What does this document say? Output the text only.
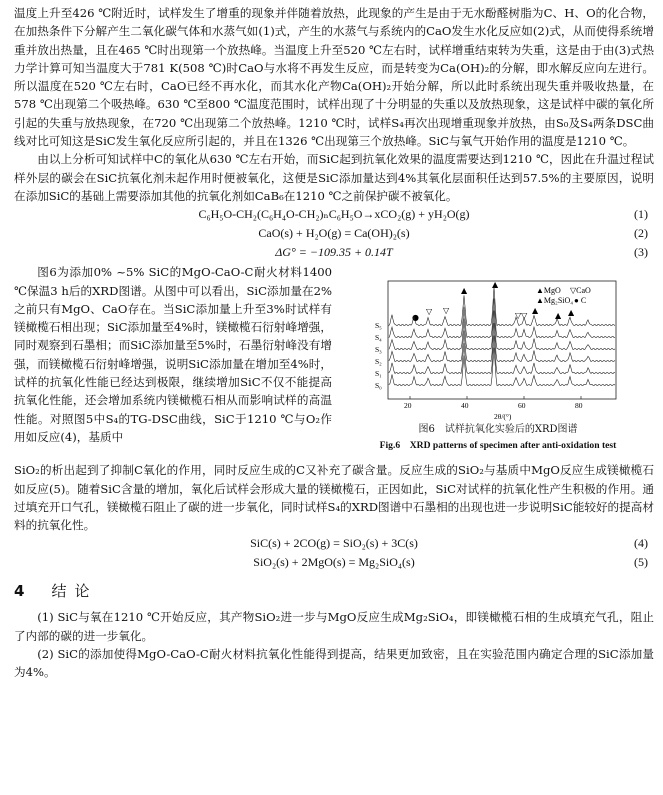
温度上升至426 ℃附近时，试样发生了增重的现象并伴随着放热，此现象的产生是由于无水酚醛树脂为C、H、O的化合物，在加热条件下分解产生二氧化碳气体和水蒸气如(1)式，产生的水蒸气与系统内的CaO发生水化反应如(2)式，从而使得系统增重并放出热量，且在465 ℃时出现第一个放热峰。当温度上升至520 ℃左右时，试样增重结束转为失重，这是由于由(3)式热力学计算可知当温度大于781 K(508 ℃)时CaO与水将不再发生反应，而是转变为Ca(OH)₂的分解，即水解反应向左进行。所以温度在520 ℃左右时，CaO已经不再水化，而其水化产物Ca(OH)₂开始分解，所以此时系统出现失重并吸收热量，在578 ℃出现第二个吸热峰。630 ℃至800 ℃温度范围时，试样出现了十分明显的失重以及放热现象，这是试样中碳的氧化所引起的失重与放热现象，在720 ℃出现第二个放热峰。1210 ℃时，试样S₄再次出现增重现象并放热，由S₀及S₄两条DSC曲线对比可知这是SiC发生氧化反应所引起的，并且在1326 ℃出现第三个放热峰。SiC与氧气开始作用的温度是1210 ℃。

由以上分析可知试样中C的氧化从630 ℃左右开始，而SiC起到抗氧化效果的温度需要达到1210 ℃，因此在升温过程试样外层的碳会在SiC抗氧化剂未起作用时便被氧化，这便是SiC添加量达到4%其氧化层面积任达到57.5%的主要原因，说明在添加SiC的基础上需要添加其他的抗氧化剂如CaB₆在1210 ℃之前保护碳不被氧化。

C₆H₅O-CH₂(C₆H₄O-CH₂)ₙC₆H₅O→xCO₂(g) + yH₂O(g)	(1)
CaO(s) + H₂O(g) = Ca(OH)₂(s)	(2)
ΔG° = −109.35 + 0.14T	(3)

图6为添加0% ~5% SiC的MgO-CaO-C耐火材料1400 ℃保温3 h后的XRD图谱。从图中可以看出，SiC添加量在2%之前只有MgO、CaO存在。当SiC添加量上升至3%时试样有镁橄榄石相出现；SiC添加量至4%时，镁橄榄石衍射峰增强，同时观察到石墨相；而SiC添加量至5%时，石墨衍射峰没有增强，而镁橄榄石衍射峰增强，说明SiC添加量在增加至4%时，试样的抗氧化性能已经达到极限，继续增加SiC不仅不能提高抗氧化性能，还会增加系统内镁橄榄石相从而影响试样的高温性能。对照图5中S₄的TG-DSC曲线，SiC于1210 ℃与O₂作用如反应(4)，基质中

▲MgO ▽CaO
▲Mg₂SiO₄ ● C
●
▽ ▽
▲
▲
▽▽
▲
▲ ▲
S₅
S₄
S₃
S₂
S₁
S₀
20	40	60	80
2θ/(°)
图6　试样抗氧化实验后的XRD图谱
Fig.6　XRD patterns of specimen after anti-oxidation test

SiO₂的析出起到了抑制C氧化的作用，同时反应生成的C又补充了碳含量。反应生成的SiO₂与基质中MgO反应生成镁橄榄石如反应(5)。随着SiC含量的增加，氧化后试样会形成大量的镁橄榄石，正因如此，SiC对试样的抗氧化性产生积极的作用。通过填充开口气孔，镁橄榄石阻止了碳的进一步氧化，同时试样S₄的XRD图谱中石墨相的出现也进一步说明SiC能较好的提高材料的抗氧化性。

SiC(s) + 2CO(g) = SiO₂(s) + 3C(s)	(4)
SiO₂(s) + 2MgO(s) = Mg₂SiO₄(s)	(5)
4 结论

(1) SiC与氧在1210 ℃开始反应，其产物SiO₂进一步与MgO反应生成Mg₂SiO₄，即镁橄榄石相的生成填充气孔，阻止了内部的碳的进一步氧化。

(2) SiC的添加使得MgO-CaO-C耐火材料抗氧化性能得到提高，结果更加致密，且在实验范围内确定合理的SiC添加量为4%。
